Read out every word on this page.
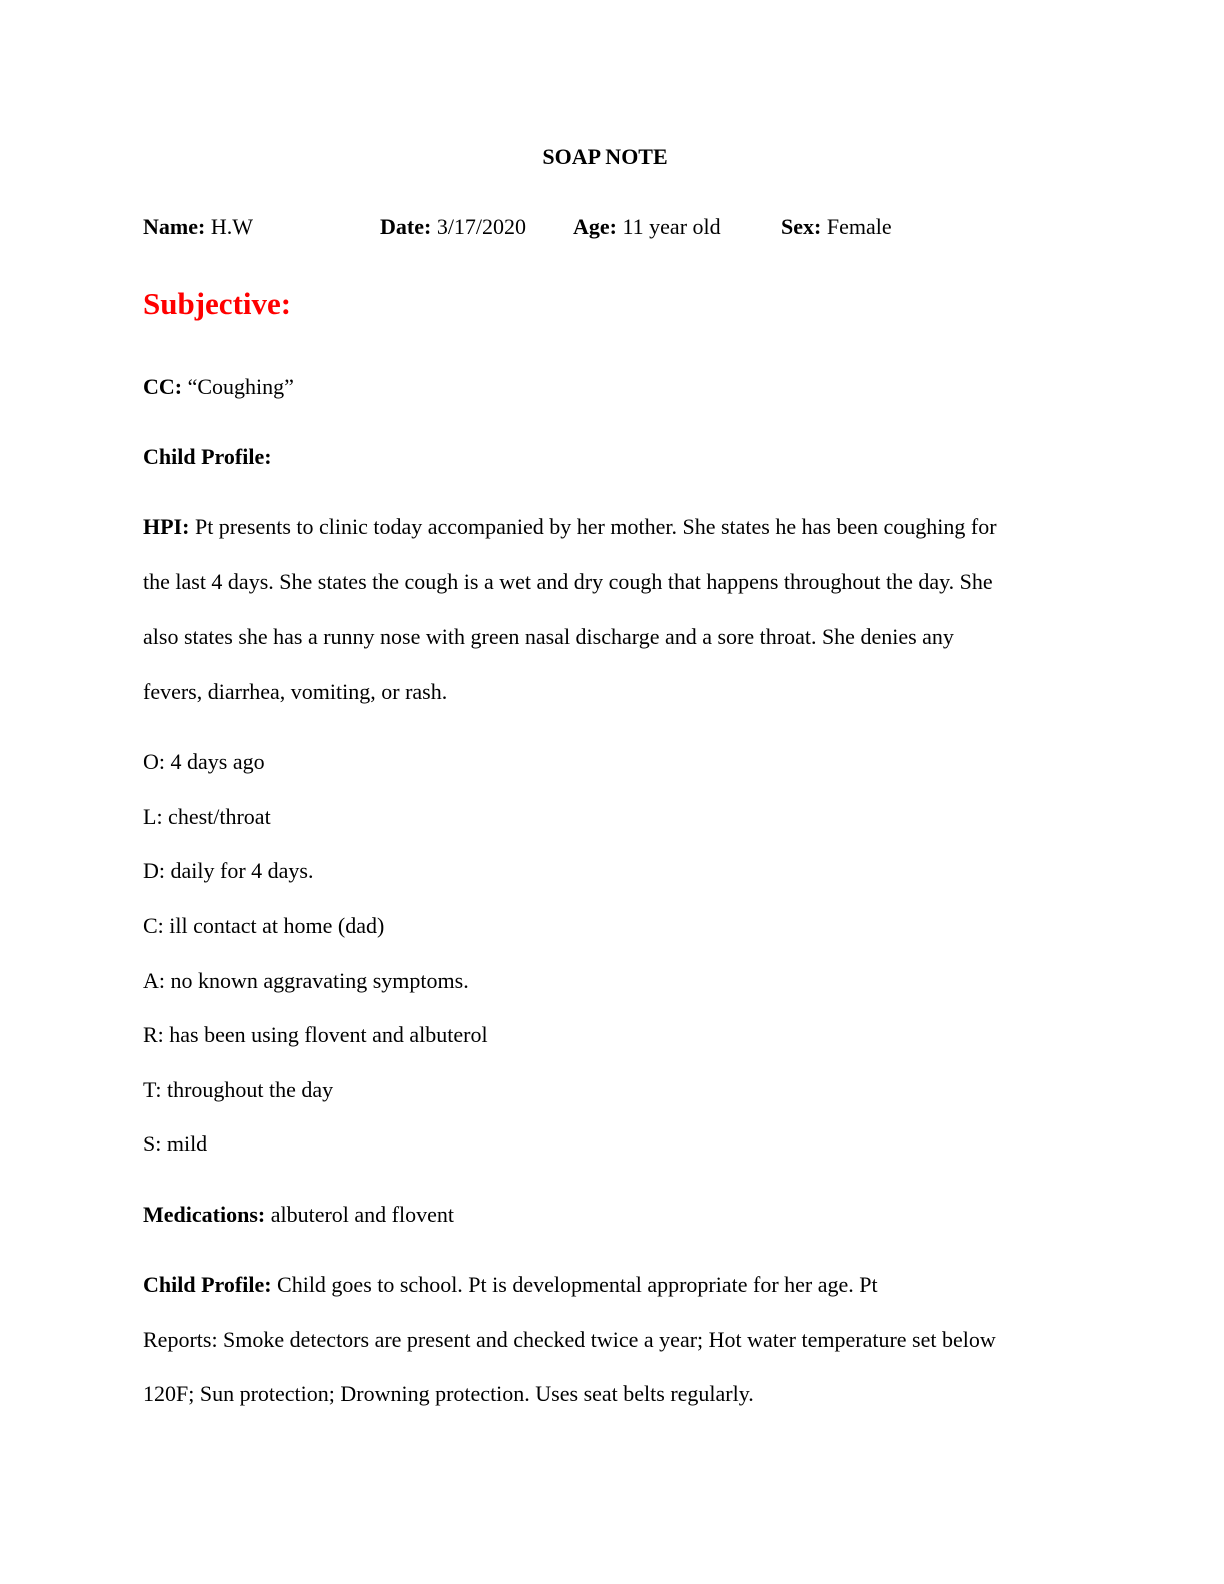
SOAP NOTE
Name: H.W	Date: 3/17/2020 Age: 11 year old	Sex: Female
Subjective:
CC: “Coughing”
Child Profile:
HPI: Pt presents to clinic today accompanied by her mother. She states he has been coughing for
the last 4 days. She states the cough is a wet and dry cough that happens throughout the day. She
also states she has a runny nose with green nasal discharge and a sore throat. She denies any
fevers, diarrhea, vomiting, or rash.
O: 4 days ago
L: chest/throat
D: daily for 4 days.
C: ill contact at home (dad)
A: no known aggravating symptoms.
R: has been using flovent and albuterol
T: throughout the day
S: mild
Medications: albuterol and flovent
Child Profile: Child goes to school. Pt is developmental appropriate for her age. Pt
Reports: Smoke detectors are present and checked twice a year; Hot water temperature set below
120F; Sun protection; Drowning protection. Uses seat belts regularly.
